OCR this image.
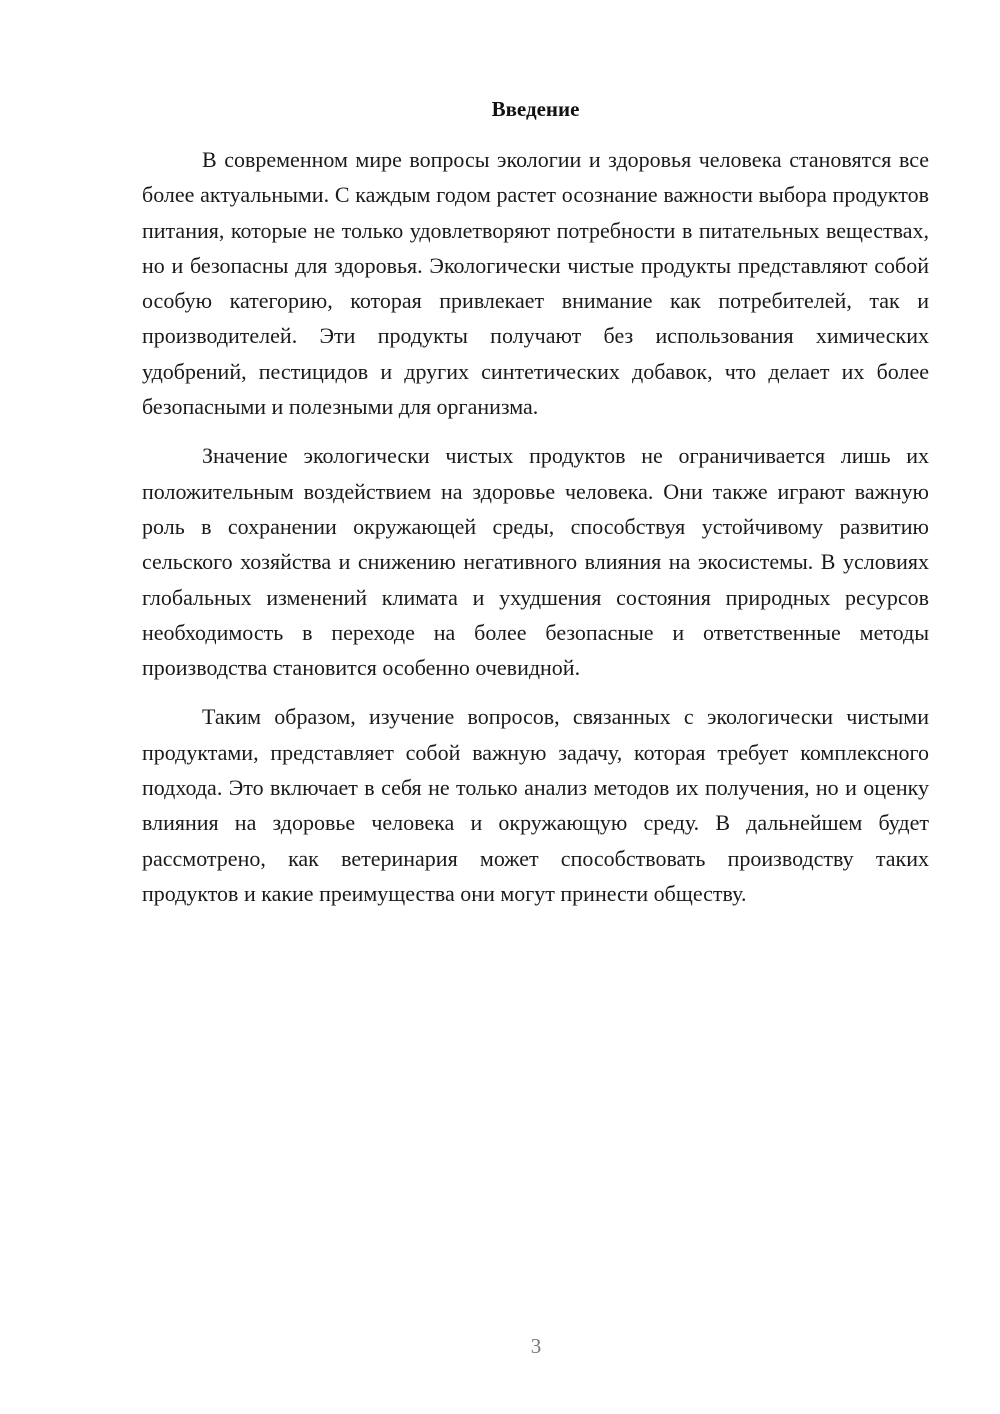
Введение

В современном мире вопросы экологии и здоровья человека становятся все более актуальными. С каждым годом растет осознание важности выбора продуктов питания, которые не только удовлетворяют потребности в питательных веществах, но и безопасны для здоровья. Экологически чистые продукты представляют собой особую категорию, которая привлекает внимание как потребителей, так и производителей. Эти продукты получают без использования химических удобрений, пестицидов и других синтетических добавок, что делает их более безопасными и полезными для организма.

Значение экологически чистых продуктов не ограничивается лишь их положительным воздействием на здоровье человека. Они также играют важную роль в сохранении окружающей среды, способствуя устойчивому развитию сельского хозяйства и снижению негативного влияния на экосистемы. В условиях глобальных изменений климата и ухудшения состояния природных ресурсов необходимость в переходе на более безопасные и ответственные методы производства становится особенно очевидной.

Таким образом, изучение вопросов, связанных с экологически чистыми продуктами, представляет собой важную задачу, которая требует комплексного подхода. Это включает в себя не только анализ методов их получения, но и оценку влияния на здоровье человека и окружающую среду. В дальнейшем будет рассмотрено, как ветеринария может способствовать производству таких продуктов и какие преимущества они могут принести обществу.

3
